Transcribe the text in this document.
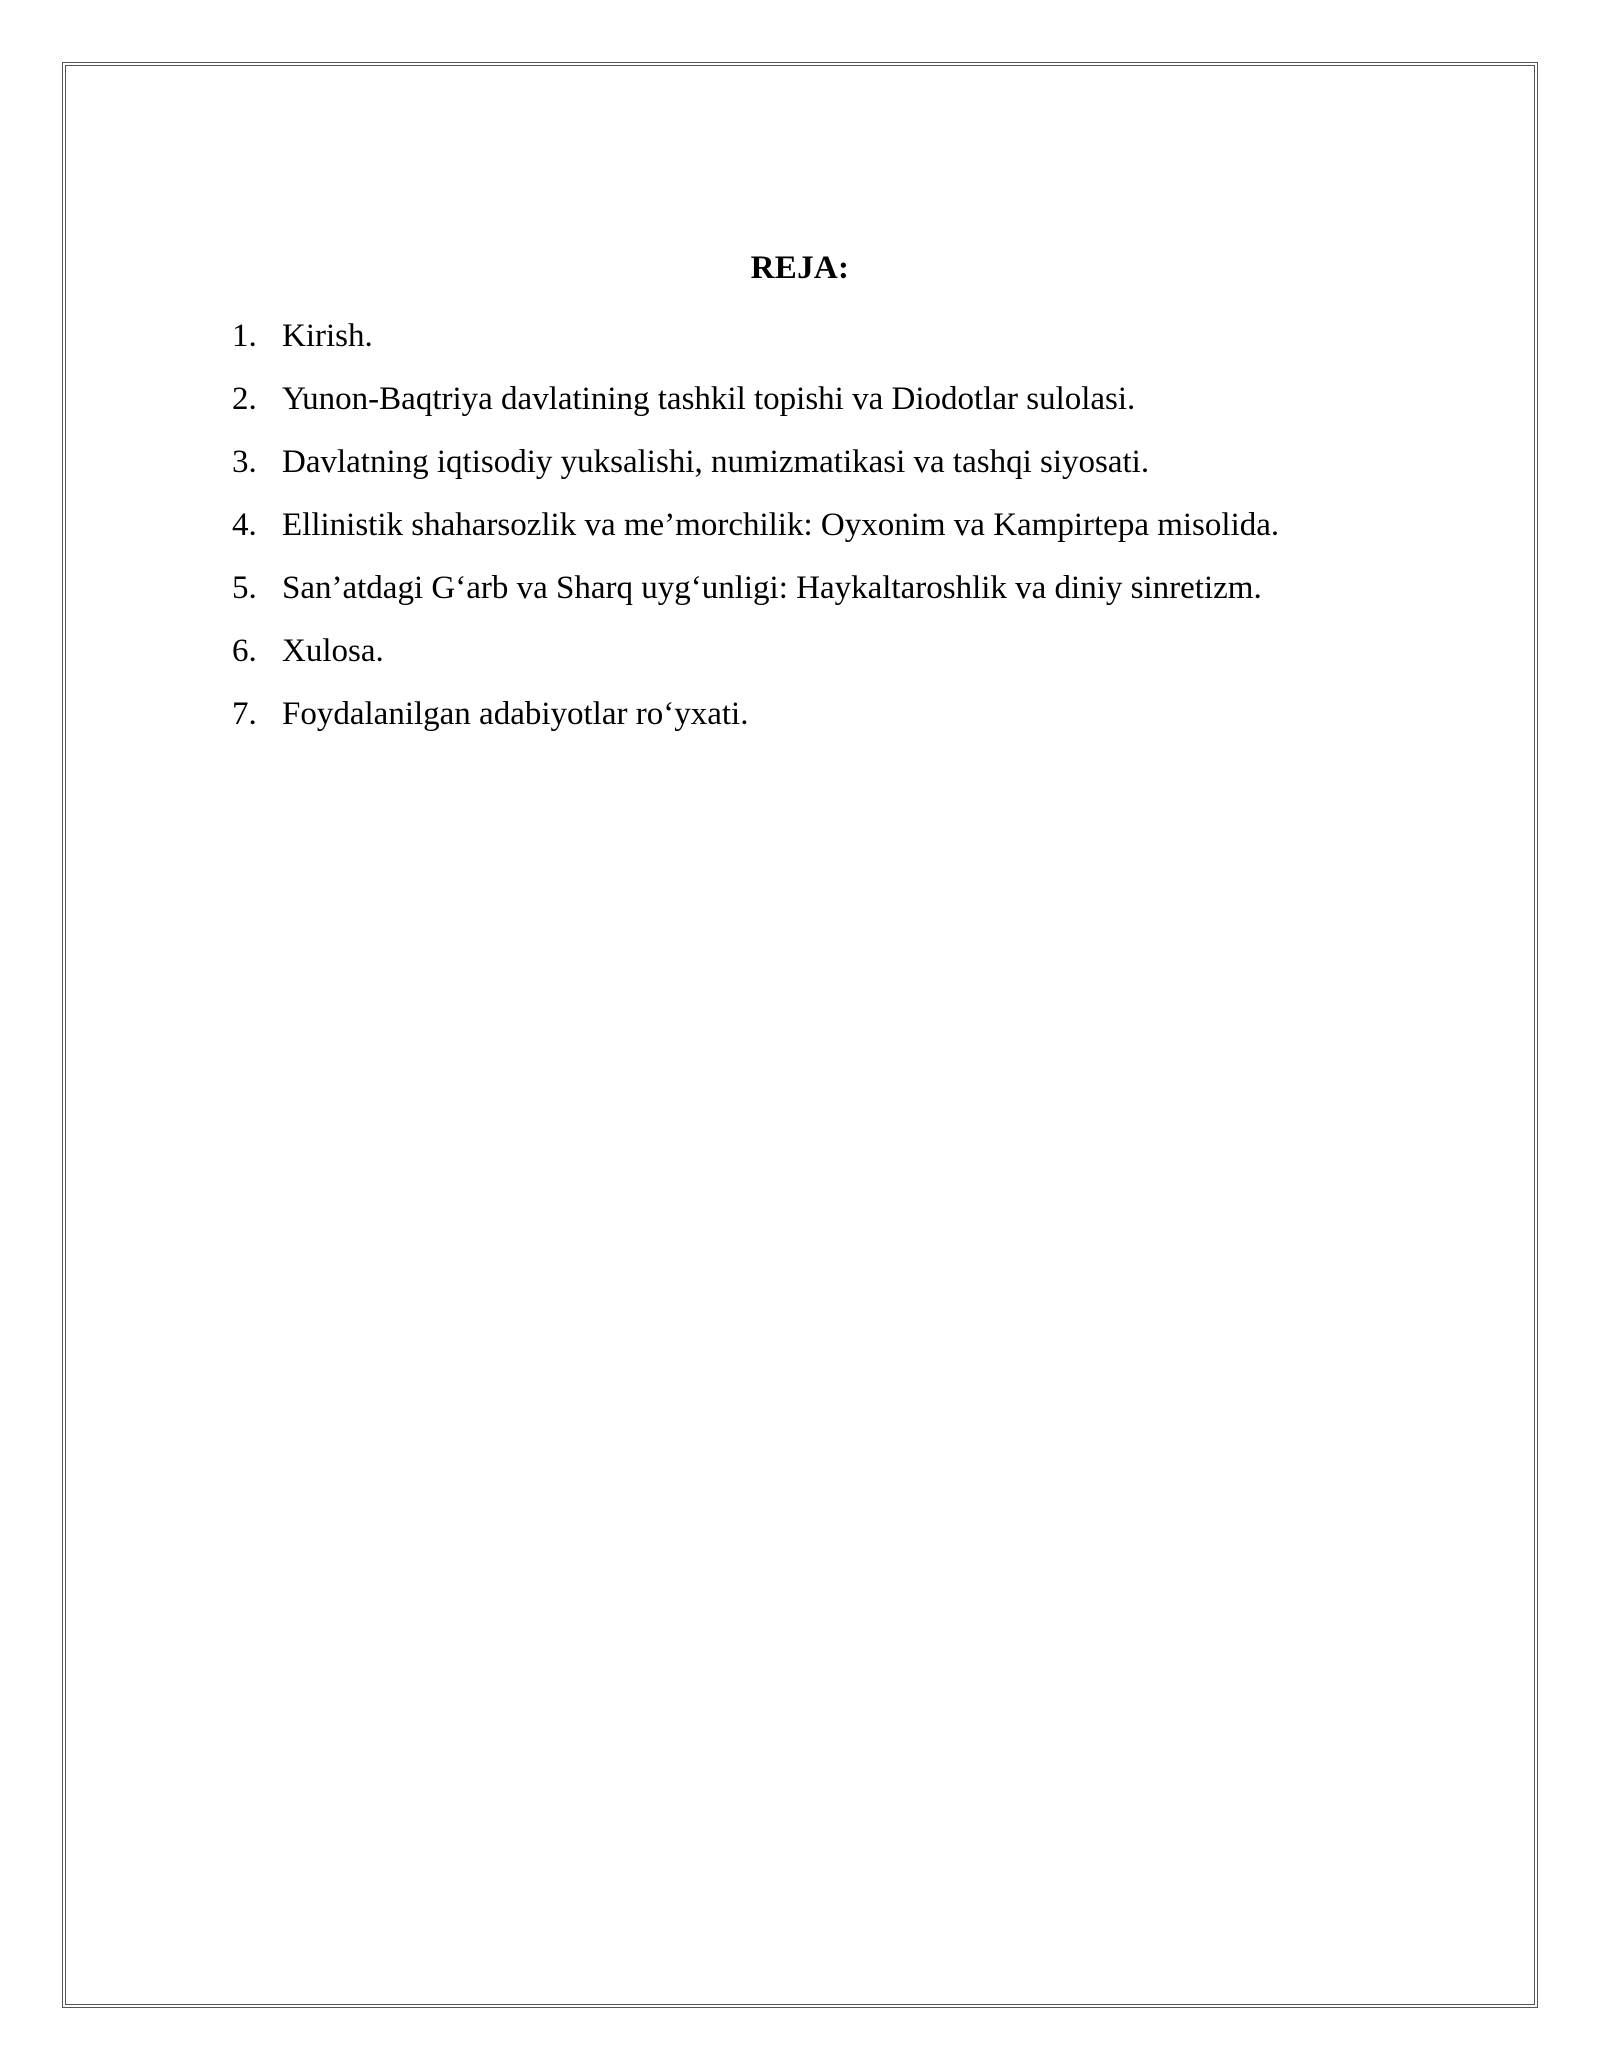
REJA:
1. Kirish.
2. Yunon-Baqtriya davlatining tashkil topishi va Diodotlar sulolasi.
3. Davlatning iqtisodiy yuksalishi, numizmatikasi va tashqi siyosati.
4. Ellinistik shaharsozlik va me’morchilik: Oyxonim va Kampirtepa misolida.
5. San’atdagi G‘arb va Sharq uyg‘unligi: Haykaltaroshlik va diniy sinretizm.
6. Xulosa.
7. Foydalanilgan adabiyotlar ro‘yxati.
